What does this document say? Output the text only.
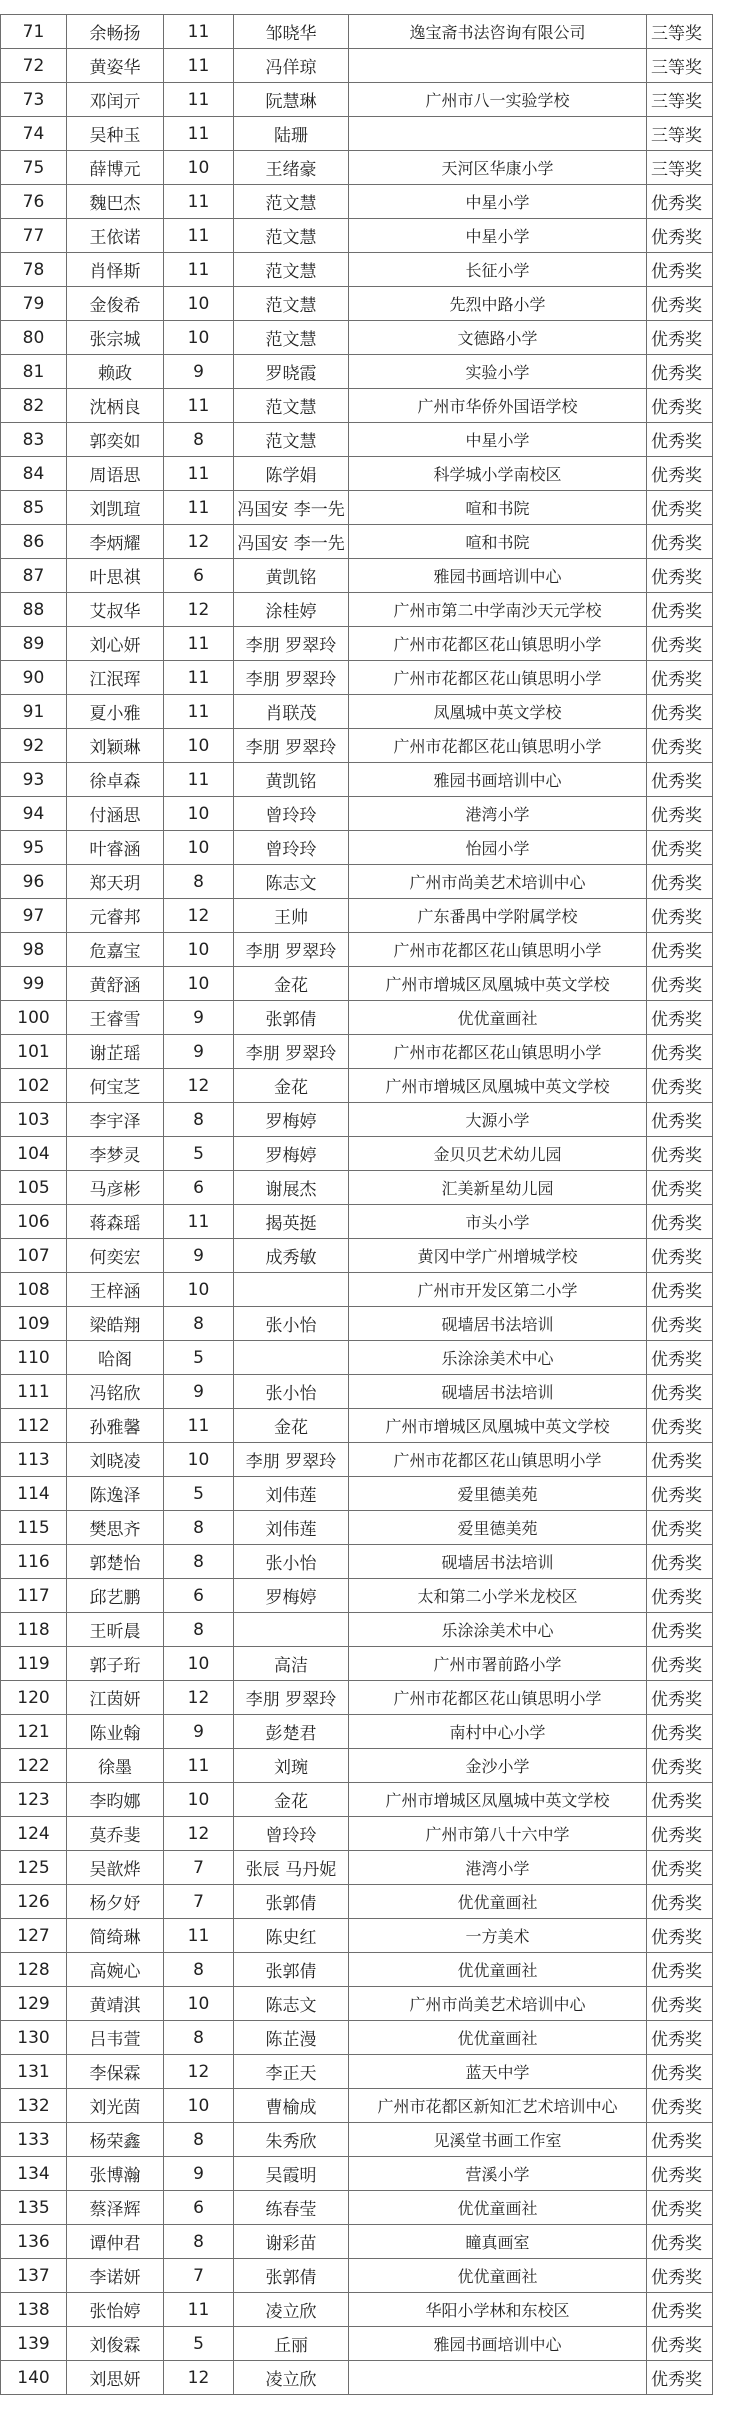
71	余畅扬	11	邹晓华	逸宝斋书法咨询有限公司	三等奖
72	黄姿华	11	冯佯琼		三等奖
73	邓闰亓	11	阮慧琳	广州市八一实验学校	三等奖
74	吴种玉	11	陆珊		三等奖
75	薛博元	10	王绪豪	天河区华康小学	三等奖
76	魏巴杰	11	范文慧	中星小学	优秀奖
77	王依诺	11	范文慧	中星小学	优秀奖
78	肖怿斯	11	范文慧	长征小学	优秀奖
79	金俊希	10	范文慧	先烈中路小学	优秀奖
80	张宗城	10	范文慧	文德路小学	优秀奖
81	赖政	9	罗晓霞	实验小学	优秀奖
82	沈柄良	11	范文慧	广州市华侨外国语学校	优秀奖
83	郭奕如	8	范文慧	中星小学	优秀奖
84	周语思	11	陈学娟	科学城小学南校区	优秀奖
85	刘凯瑄	11	冯国安 李一先	喧和书院	优秀奖
86	李炳耀	12	冯国安 李一先	喧和书院	优秀奖
87	叶思祺	6	黄凯铭	雅园书画培训中心	优秀奖
88	艾叔华	12	涂桂婷	广州市第二中学南沙天元学校	优秀奖
89	刘心妍	11	李朋 罗翠玲	广州市花都区花山镇思明小学	优秀奖
90	江泯珲	11	李朋 罗翠玲	广州市花都区花山镇思明小学	优秀奖
91	夏小雅	11	肖联茂	凤凰城中英文学校	优秀奖
92	刘颖琳	10	李朋 罗翠玲	广州市花都区花山镇思明小学	优秀奖
93	徐卓森	11	黄凯铭	雅园书画培训中心	优秀奖
94	付涵思	10	曾玲玲	港湾小学	优秀奖
95	叶睿涵	10	曾玲玲	怡园小学	优秀奖
96	郑天玥	8	陈志文	广州市尚美艺术培训中心	优秀奖
97	元睿邦	12	王帅	广东番禺中学附属学校	优秀奖
98	危嘉宝	10	李朋 罗翠玲	广州市花都区花山镇思明小学	优秀奖
99	黄舒涵	10	金花	广州市增城区凤凰城中英文学校	优秀奖
100	王睿雪	9	张郭倩	优优童画社	优秀奖
101	谢芷瑶	9	李朋 罗翠玲	广州市花都区花山镇思明小学	优秀奖
102	何宝芝	12	金花	广州市增城区凤凰城中英文学校	优秀奖
103	李宇泽	8	罗梅婷	大源小学	优秀奖
104	李梦灵	5	罗梅婷	金贝贝艺术幼儿园	优秀奖
105	马彦彬	6	谢展杰	汇美新星幼儿园	优秀奖
106	蒋森瑶	11	揭英挺	市头小学	优秀奖
107	何奕宏	9	成秀敏	黄冈中学广州增城学校	优秀奖
108	王梓涵	10		广州市开发区第二小学	优秀奖
109	梁皓翔	8	张小怡	砚墙居书法培训	优秀奖
110	哈阁	5		乐涂涂美术中心	优秀奖
111	冯铭欣	9	张小怡	砚墙居书法培训	优秀奖
112	孙雅馨	11	金花	广州市增城区凤凰城中英文学校	优秀奖
113	刘晓凌	10	李朋 罗翠玲	广州市花都区花山镇思明小学	优秀奖
114	陈逸泽	5	刘伟莲	爱里德美苑	优秀奖
115	樊思齐	8	刘伟莲	爱里德美苑	优秀奖
116	郭楚怡	8	张小怡	砚墙居书法培训	优秀奖
117	邱艺鹏	6	罗梅婷	太和第二小学米龙校区	优秀奖
118	王昕晨	8		乐涂涂美术中心	优秀奖
119	郭子珩	10	高洁	广州市署前路小学	优秀奖
120	江茵妍	12	李朋 罗翠玲	广州市花都区花山镇思明小学	优秀奖
121	陈业翰	9	彭楚君	南村中心小学	优秀奖
122	徐墨	11	刘琬	金沙小学	优秀奖
123	李昀娜	10	金花	广州市增城区凤凰城中英文学校	优秀奖
124	莫乔斐	12	曾玲玲	广州市第八十六中学	优秀奖
125	吴歆烨	7	张辰 马丹妮	港湾小学	优秀奖
126	杨夕妤	7	张郭倩	优优童画社	优秀奖
127	简绮琳	11	陈史红	一方美术	优秀奖
128	高婉心	8	张郭倩	优优童画社	优秀奖
129	黄靖淇	10	陈志文	广州市尚美艺术培训中心	优秀奖
130	吕韦萱	8	陈芷漫	优优童画社	优秀奖
131	李保霖	12	李正天	蓝天中学	优秀奖
132	刘光茵	10	曹榆成	广州市花都区新知汇艺术培训中心	优秀奖
133	杨荣鑫	8	朱秀欣	见溪堂书画工作室	优秀奖
134	张博瀚	9	吴霞明	营溪小学	优秀奖
135	蔡泽辉	6	练春莹	优优童画社	优秀奖
136	谭仲君	8	谢彩苗	瞳真画室	优秀奖
137	李诺妍	7	张郭倩	优优童画社	优秀奖
138	张怡婷	11	凌立欣	华阳小学林和东校区	优秀奖
139	刘俊霖	5	丘丽	雅园书画培训中心	优秀奖
140	刘思妍	12	凌立欣		优秀奖
